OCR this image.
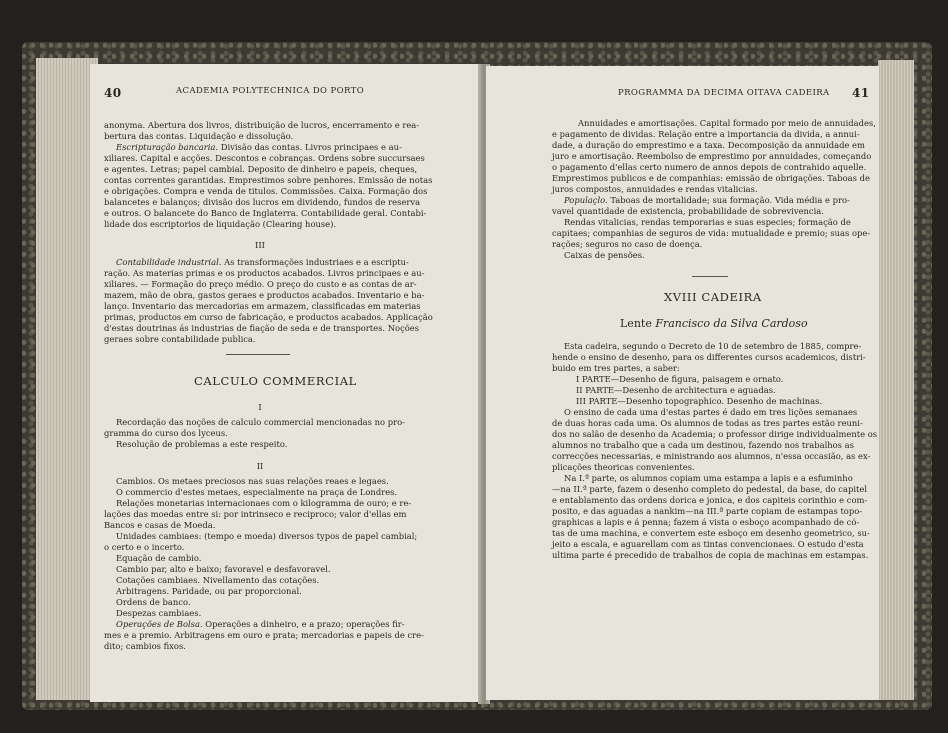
40	ACADEMIA POLYTECHNICA DO PORTO
anonyma. Abertura dos livros, distribuição de lucros, encerramento e rea-
bertura das contas. Liquidação e dissolução.
Escripturação bancaria. Divisão das contas. Livros principaes e au-
xiliares. Capital e acções. Descontos e cobranças. Ordens sobre succursaes
e agentes. Letras; papel cambial. Deposito de dinheiro e papeis, cheques,
contas correntes garantidas. Emprestimos sobre penhores. Emissão de notas
e obrigações. Compra e venda de titulos. Commissões. Caixa. Formação dos
balancetes e balanços; divisão dos lucros em dividendo, fundos de reserva
e outros. O balancete do Banco de Inglaterra. Contabilidade geral. Contabi-
lidade dos escriptorios de liquidação (Clearing house).
III
Contabilidade industrial. As transformações industriaes e a escriptu-
ração. As materias primas e os productos acabados. Livros principaes e au-
xiliares. — Formação do preço médio. O preço do custo e as contas de ar-
mazem, mão de obra, gastos geraes e productos acabados. Inventario e ba-
lanço. Inventario das mercadorias em armazem, classificadas em materias
primas, productos em curso de fabricação, e productos acabados. Applicação
d'estas doutrinas ás industrias de fiação de seda e de transportes. Noções
geraes sobre contabilidade publica.
CALCULO COMMERCIAL
I
Recordação das noções de calculo commercial mencionadas no pro-
gramma do curso dos lyceus.
Resolução de problemas a este respeito.
II
Cambios. Os metaes preciosos nas suas relações reaes e legaes.
O commercio d'estes metaes, especialmente na praça de Londres.
Relações monetarias internacionaes com o kilogramma de ouro; e re-
lações das moedas entre si: por intrinseco e reciproco; valor d'ellas em
Bancos e casas de Moeda.
Unidades cambiaes: (tempo e moeda) diversos typos de papel cambial;
o certo e o incerto.
Equação de cambio.
Cambio par, alto e baixo; favoravel e desfavoravel.
Cotações cambiaes. Nivellamento das cotações.
Arbitragens. Paridade, ou par proporcional.
Ordens de banco.
Despezas cambiaes.
Operações de Bolsa. Operações a dinheiro, e a prazo; operações fir-
mes e a premio. Arbitragens em ouro e prata; mercadorias e papeis de cre-
dito; cambios fixos.
PROGRAMMA DA DECIMA OITAVA CADEIRA 41
Annuidades e amortisações. Capital formado por meio de annuidades,
e pagamento de dividas. Relação entre a importancia da divida, a annui-
dade, a duração do emprestimo e a taxa. Decomposição da annuidade em
juro e amortisação. Reembolso de emprestimo por annuidades, começando
o pagamento d'ellas certo numero de annos depois de contrahido aquelle.
Emprestimos publicos e de companhias: emissão de obrigações. Taboas de
juros compostos, annuidades e rendas vitalicias.
Populaçlo. Taboas de mortalidade; sua formação. Vida média e pro-
vavel quantidade de existencia, probabilidade de sobrevivencia.
Rendas vitalicias, rendas temporarias e suas especies; formação de
capitaes; companhias de seguros de vida: mutualidade e premio; suas ope-
rações; seguros no caso de doença.
Caixas de pensões.
XVIII CADEIRA
Lente Francisco da Silva Cardoso
Esta cadeira, segundo o Decreto de 10 de setembro de 1885, compre-
hende o ensino de desenho, para os differentes cursos academicos, distri-
buido em tres partes, a saber:
I PARTE—Desenho de figura, paisagem e ornato.
II PARTE—Desenho de architectura e aguadas.
III PARTE—Desenho topographico. Desenho de machinas.
O ensino de cada uma d'estas partes é dado em tres lições semanaes
de duas horas cada uma. Os alumnos de todas as tres partes estão reuni-
dos no salão de desenho da Academia; o professor dirige individualmente os
alumnos no trabalho que a cada um destinou, fazendo nos trabalhos as
correcções necessarias, e ministrando aos alumnos, n'essa occasião, as ex-
plicações theoricas convenientes.
Na I.ª parte, os alumnos copiam uma estampa a lapis e a esfuminho
—na II.ª parte, fazem o desenho completo do pedestal, da base, do capitel
e entablamento das ordens dorica e jonica, e dos capiteis corinthio e com-
posito, e das aguadas a nankim—na III.ª parte copiam de estampas topo-
graphicas a lapis e á penna; fazem á vista o esboço acompanhado de có-
tas de uma machina, e convertem este esboço em desenho geometrico, su-
jeito a escala, e aguarellam com as tintas convencionaes. O estudo d'esta
ultima parte é precedido de trabalhos de copia de machinas em estampas.
